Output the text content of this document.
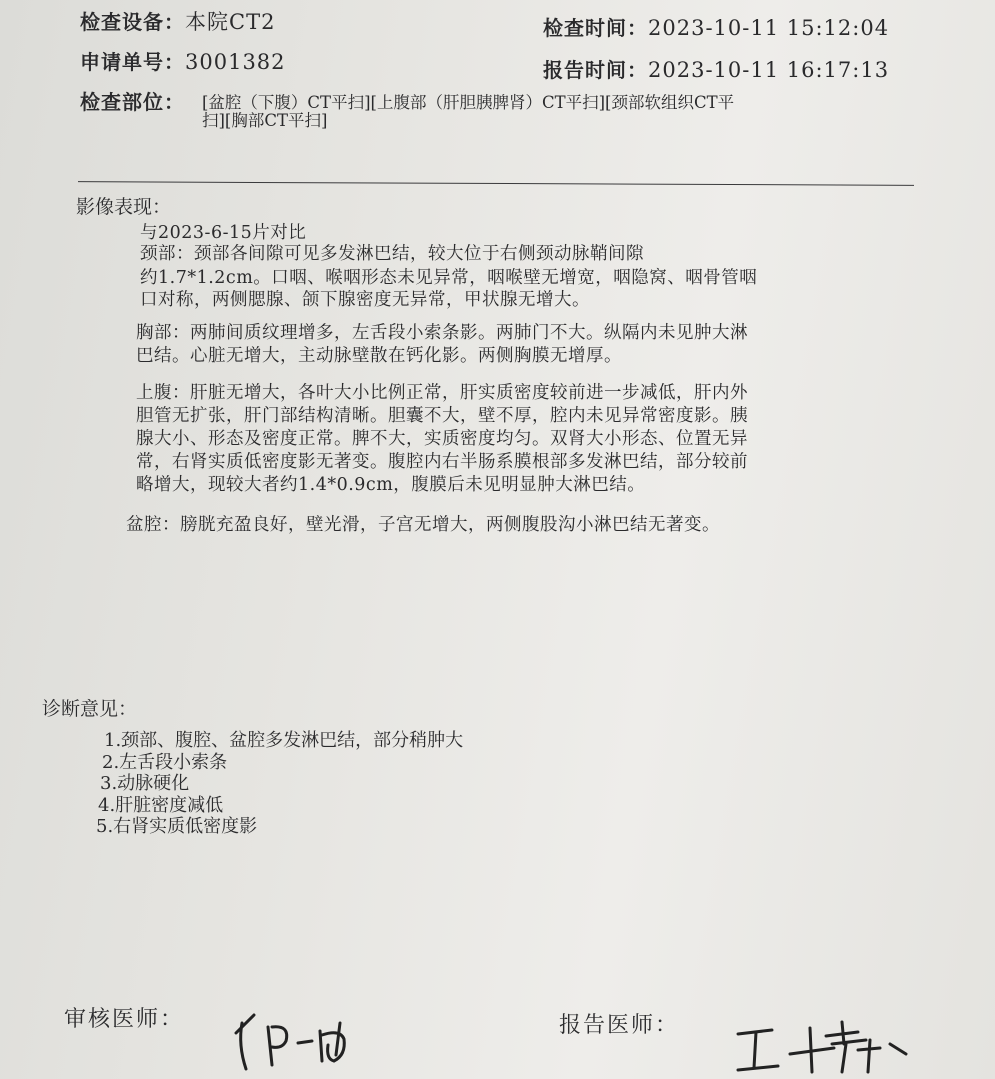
检查设备：本院CT2
申请单号：3001382
检查时间：2023-10-11 15:12:04
报告时间：2023-10-11 16:17:13
检查部位： [盆腔（下腹）CT平扫][上腹部（肝胆胰脾肾）CT平扫][颈部软组织CT平
扫][胸部CT平扫]
影像表现：
与2023-6-15片对比
颈部：颈部各间隙可见多发淋巴结，较大位于右侧颈动脉鞘间隙
约1.7*1.2cm。口咽、喉咽形态未见异常，咽喉壁无增宽，咽隐窝、咽骨管咽
口对称，两侧腮腺、颌下腺密度无异常，甲状腺无增大。
胸部：两肺间质纹理增多，左舌段小索条影。两肺门不大。纵隔内未见肿大淋
巴结。心脏无增大，主动脉壁散在钙化影。两侧胸膜无增厚。
上腹：肝脏无增大，各叶大小比例正常，肝实质密度较前进一步减低，肝内外
胆管无扩张，肝门部结构清晰。胆囊不大，壁不厚，腔内未见异常密度影。胰
腺大小、形态及密度正常。脾不大，实质密度均匀。双肾大小形态、位置无异
常，右肾实质低密度影无著变。腹腔内右半肠系膜根部多发淋巴结，部分较前
略增大，现较大者约1.4*0.9cm，腹膜后未见明显肿大淋巴结。
盆腔：膀胱充盈良好，壁光滑，子宫无增大，两侧腹股沟小淋巴结无著变。
诊断意见：
1.颈部、腹腔、盆腔多发淋巴结，部分稍肿大
2.左舌段小索条
3.动脉硬化
4.肝脏密度减低
5.右肾实质低密度影
审核医师：	报告医师：
